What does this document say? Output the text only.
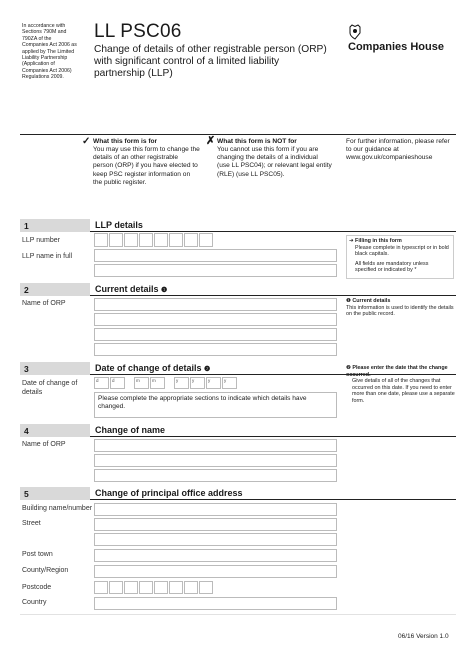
In accordance with Sections 790M and 790ZA of the Companies Act 2006 as applied by The Limited Liability Partnership (Application of Companies Act 2006) Regulations 2009.
LL PSC06
Change of details of other registrable person (ORP) with significant control of a limited liability partnership (LLP)
Companies House
✓ What this form is for
You may use this form to change the details of an other registrable person (ORP) if you have elected to keep PSC register information on the public register.
✗ What this form is NOT for
You cannot use this form if you are changing the details of a individual (use LL PSC04); or relevant legal entity (RLE) (use LL PSC05).
For further information, please refer to our guidance at www.gov.uk/companieshouse
1	LLP details
LLP number
LLP name in full
➜ Filling in this form
Please complete in typescript or in bold black capitals.
All fields are mandatory unless specified or indicated by *
2	Current details ❶
Name of ORP	❶ Current details
This information is used to identify the details on the public record.
3	Date of change of details ❷
Date of change of details
d	d	m	m	y	y	y	y
Please complete the appropriate sections to indicate which details have changed.
❷ Please enter the date that the change occurred.
Give details of all of the changes that occurred on this date. If you need to enter more than one date, please use a separate form.
4	Change of name
Name of ORP
5	Change of principal office address
Building name/number
Street
Post town
County/Region
Postcode
Country
06/16 Version 1.0
